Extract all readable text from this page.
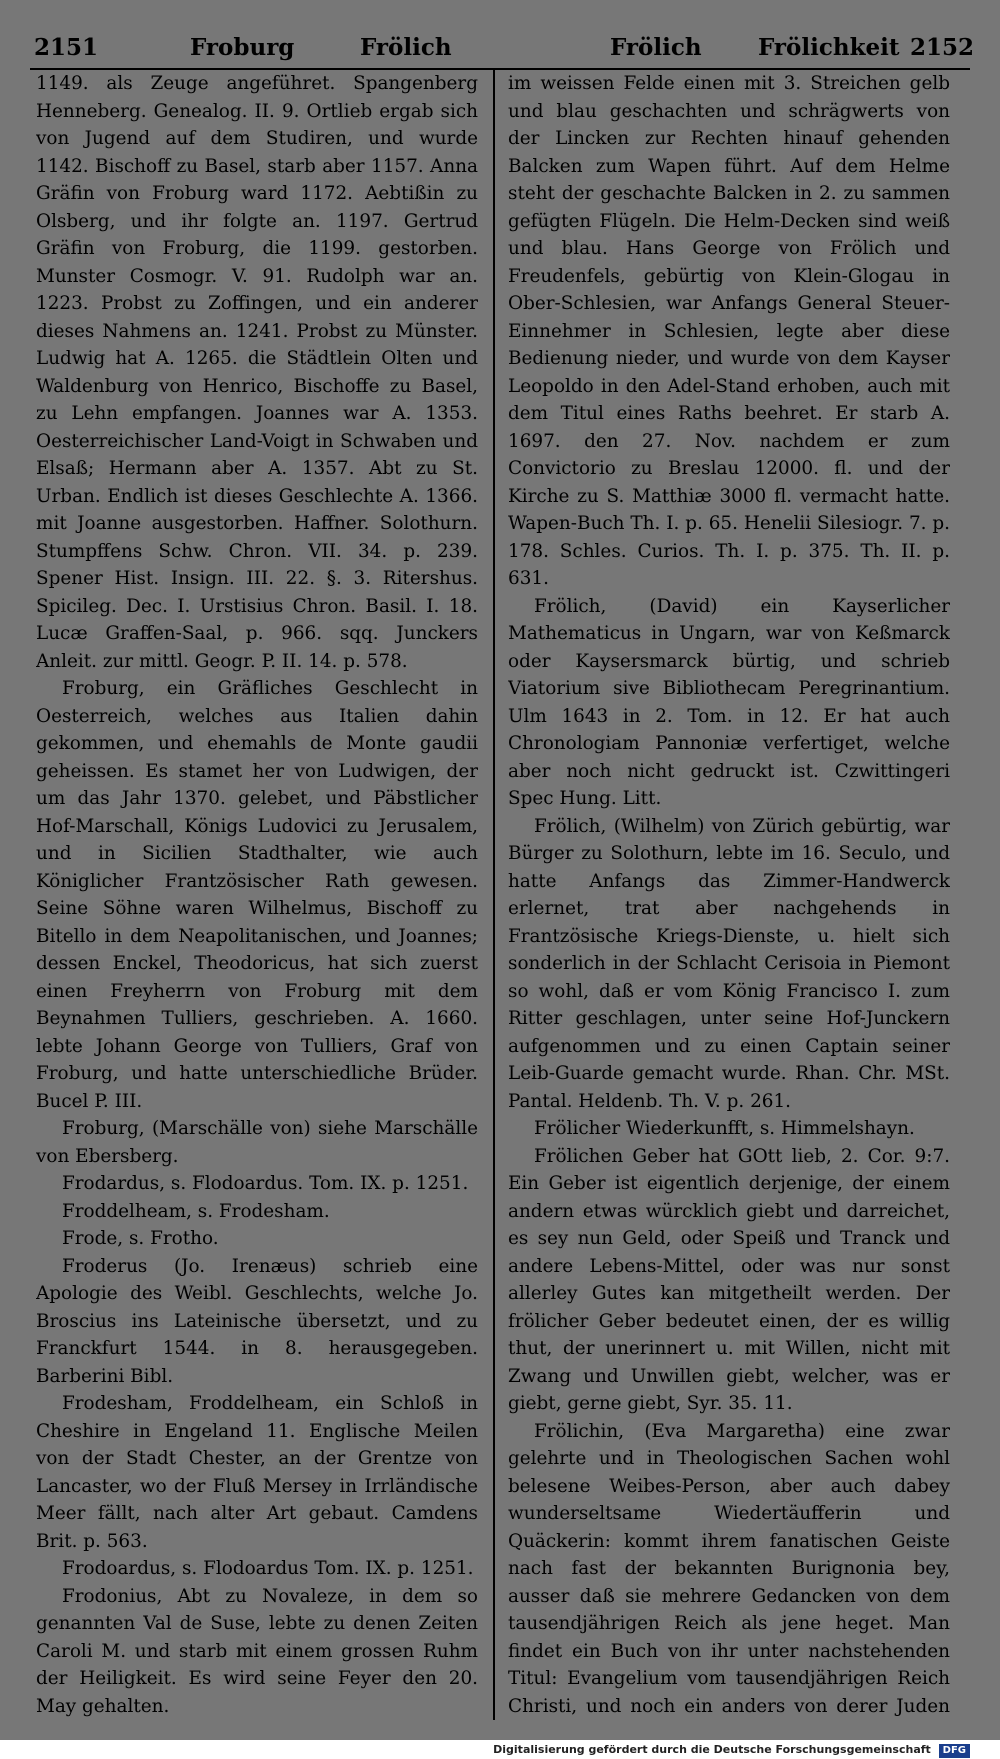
2151	Froburg	Frölich	Frölich Frölichkeit 2152

1149. als Zeuge angeführet. Spangenberg Henneberg. Genealog. II. 9. Ortlieb ergab sich von Jugend auf dem Studiren, und wurde 1142. Bischoff zu Basel, starb aber 1157. Anna Gräfin von Froburg ward 1172. Aebtißin zu Olsberg, und ihr folgte an. 1197. Gertrud Gräfin von Froburg, die 1199. gestorben. Munster Cosmogr. V. 91. Rudolph war an. 1223. Probst zu Zoffingen, und ein anderer dieses Nahmens an. 1241. Probst zu Münster. Ludwig hat A. 1265. die Städtlein Olten und Waldenburg von Henrico, Bischoffe zu Basel, zu Lehn empfangen. Joannes war A. 1353. Oesterreichischer Land-Voigt in Schwaben und Elsaß; Hermann aber A. 1357. Abt zu St. Urban. Endlich ist dieses Geschlechte A. 1366. mit Joanne ausgestorben. Haffner. Solothurn. Stumpffens Schw. Chron. VII. 34. p. 239. Spener Hist. Insign. III. 22. §. 3. Ritershus. Spicileg. Dec. I. Urstisius Chron. Basil. I. 18. Lucæ Graffen-Saal, p. 966. sqq. Junckers Anleit. zur mittl. Geogr. P. II. 14. p. 578.

Froburg, ein Gräfliches Geschlecht in Oesterreich, welches aus Italien dahin gekommen, und ehemahls de Monte gaudii geheissen. Es stamet her von Ludwigen, der um das Jahr 1370. gelebet, und Päbstlicher Hof-Marschall, Königs Ludovici zu Jerusalem, und in Sicilien Stadthalter, wie auch Königlicher Frantzösischer Rath gewesen. Seine Söhne waren Wilhelmus, Bischoff zu Bitello in dem Neapolitanischen, und Joannes; dessen Enckel, Theodoricus, hat sich zuerst einen Freyherrn von Froburg mit dem Beynahmen Tulliers, geschrieben. A. 1660. lebte Johann George von Tulliers, Graf von Froburg, und hatte unterschiedliche Brüder. Bucel P. III.

Froburg, (Marschälle von) siehe Marschälle von Ebersberg.

Frodardus, s. Flodoardus. Tom. IX. p. 1251.

Froddelheam, s. Frodesham.

Frode, s. Frotho.

Froderus (Jo. Irenæus) schrieb eine Apologie des Weibl. Geschlechts, welche Jo. Broscius ins Lateinische übersetzt, und zu Franckfurt 1544. in 8. herausgegeben. Barberini Bibl.

Frodesham, Froddelheam, ein Schloß in Cheshire in Engeland 11. Englische Meilen von der Stadt Chester, an der Grentze von Lancaster, wo der Fluß Mersey in Irrländische Meer fällt, nach alter Art gebaut. Camdens Brit. p. 563.

Frodoardus, s. Flodoardus Tom. IX. p. 1251.

Frodonius, Abt zu Novaleze, in dem so genannten Val de Suse, lebte zu denen Zeiten Caroli M. und starb mit einem grossen Ruhm der Heiligkeit. Es wird seine Feyer den 20. May gehalten.

im weissen Felde einen mit 3. Streichen gelb und blau geschachten und schrägwerts von der Lincken zur Rechten hinauf gehenden Balcken zum Wapen führt. Auf dem Helme steht der geschachte Balcken in 2. zu sammen gefügten Flügeln. Die Helm-Decken sind weiß und blau. Hans George von Frölich und Freudenfels, gebürtig von Klein-Glogau in Ober-Schlesien, war Anfangs General Steuer-Einnehmer in Schlesien, legte aber diese Bedienung nieder, und wurde von dem Kayser Leopoldo in den Adel-Stand erhoben, auch mit dem Titul eines Raths beehret. Er starb A. 1697. den 27. Nov. nachdem er zum Convictorio zu Breslau 12000. fl. und der Kirche zu S. Matthiæ 3000 fl. vermacht hatte. Wapen-Buch Th. I. p. 65. Henelii Silesiogr. 7. p. 178. Schles. Curios. Th. I. p. 375. Th. II. p. 631.

Frölich, (David) ein Kayserlicher Mathematicus in Ungarn, war von Keßmarck oder Kaysersmarck bürtig, und schrieb Viatorium sive Bibliothecam Peregrinantium. Ulm 1643 in 2. Tom. in 12. Er hat auch Chronologiam Pannoniæ verfertiget, welche aber noch nicht gedruckt ist. Czwittingeri Spec Hung. Litt.

Frölich, (Wilhelm) von Zürich gebürtig, war Bürger zu Solothurn, lebte im 16. Seculo, und hatte Anfangs das Zimmer-Handwerck erlernet, trat aber nachgehends in Frantzösische Kriegs-Dienste, u. hielt sich sonderlich in der Schlacht Cerisoia in Piemont so wohl, daß er vom König Francisco I. zum Ritter geschlagen, unter seine Hof-Junckern aufgenommen und zu einen Captain seiner Leib-Guarde gemacht wurde. Rhan. Chr. MSt. Pantal. Heldenb. Th. V. p. 261.

Frölicher Wiederkunfft, s. Himmelshayn.

Frölichen Geber hat GOtt lieb, 2. Cor. 9:7. Ein Geber ist eigentlich derjenige, der einem andern etwas würcklich giebt und darreichet, es sey nun Geld, oder Speiß und Tranck und andere Lebens-Mittel, oder was nur sonst allerley Gutes kan mitgetheilt werden. Der frölicher Geber bedeutet einen, der es willig thut, der unerinnert u. mit Willen, nicht mit Zwang und Unwillen giebt, welcher, was er giebt, gerne giebt, Syr. 35. 11.

Frölichin, (Eva Margaretha) eine zwar gelehrte und in Theologischen Sachen wohl belesene Weibes-Person, aber auch dabey wunderseltsame Wiedertäufferin und Quäckerin: kommt ihrem fanatischen Geiste nach fast der bekannten Burignonia bey, ausser daß sie mehrere Gedancken von dem tausendjährigen Reich als jene heget. Man findet ein Buch von ihr unter nachstehenden Titul: Evangelium vom tausendjährigen Reich Christi, und noch ein anders von derer Juden

Digitalisierung gefördert durch die Deutsche Forschungsgemeinschaft DFG
